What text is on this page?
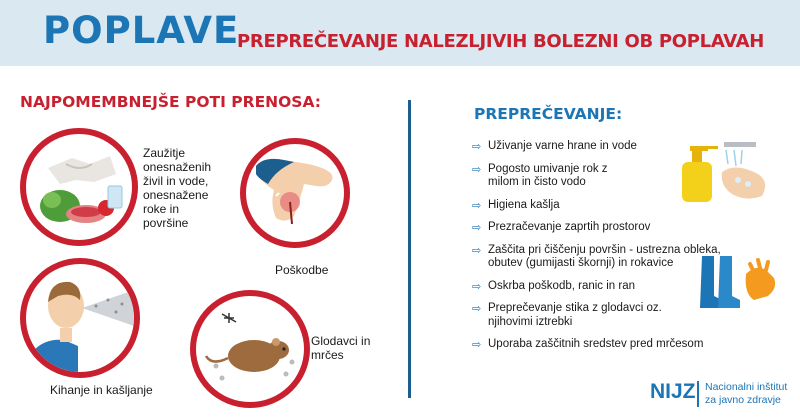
POPLAVE
PREPREČEVANJE NALEZLJIVIH BOLEZNI OB POPLAVAH
NAJPOMEMBNEJŠE POTI PRENOSA:
PREPREČEVANJE:
Zaužitje onesnaženih živil in vode, onesnažene roke in površine
Poškodbe
Kihanje in kašljanje
Glodavci in mrčes
⇨ Uživanje varne hrane in vode
⇨ Pogosto umivanje rok z milom in čisto vodo
⇨ Higiena kašlja
⇨ Prezračevanje zaprtih prostorov
⇨ Zaščita pri čiščenju površin - ustrezna obleka, obutev (gumijasti škornji) in rokavice
⇨ Oskrba poškodb, ranic in ran
⇨ Preprečevanje stika z glodavci oz. njihovimi iztrebki
⇨ Uporaba zaščitnih sredstev pred mrčesom
NIJZ Nacionalni inštitut
za javno zdravje
